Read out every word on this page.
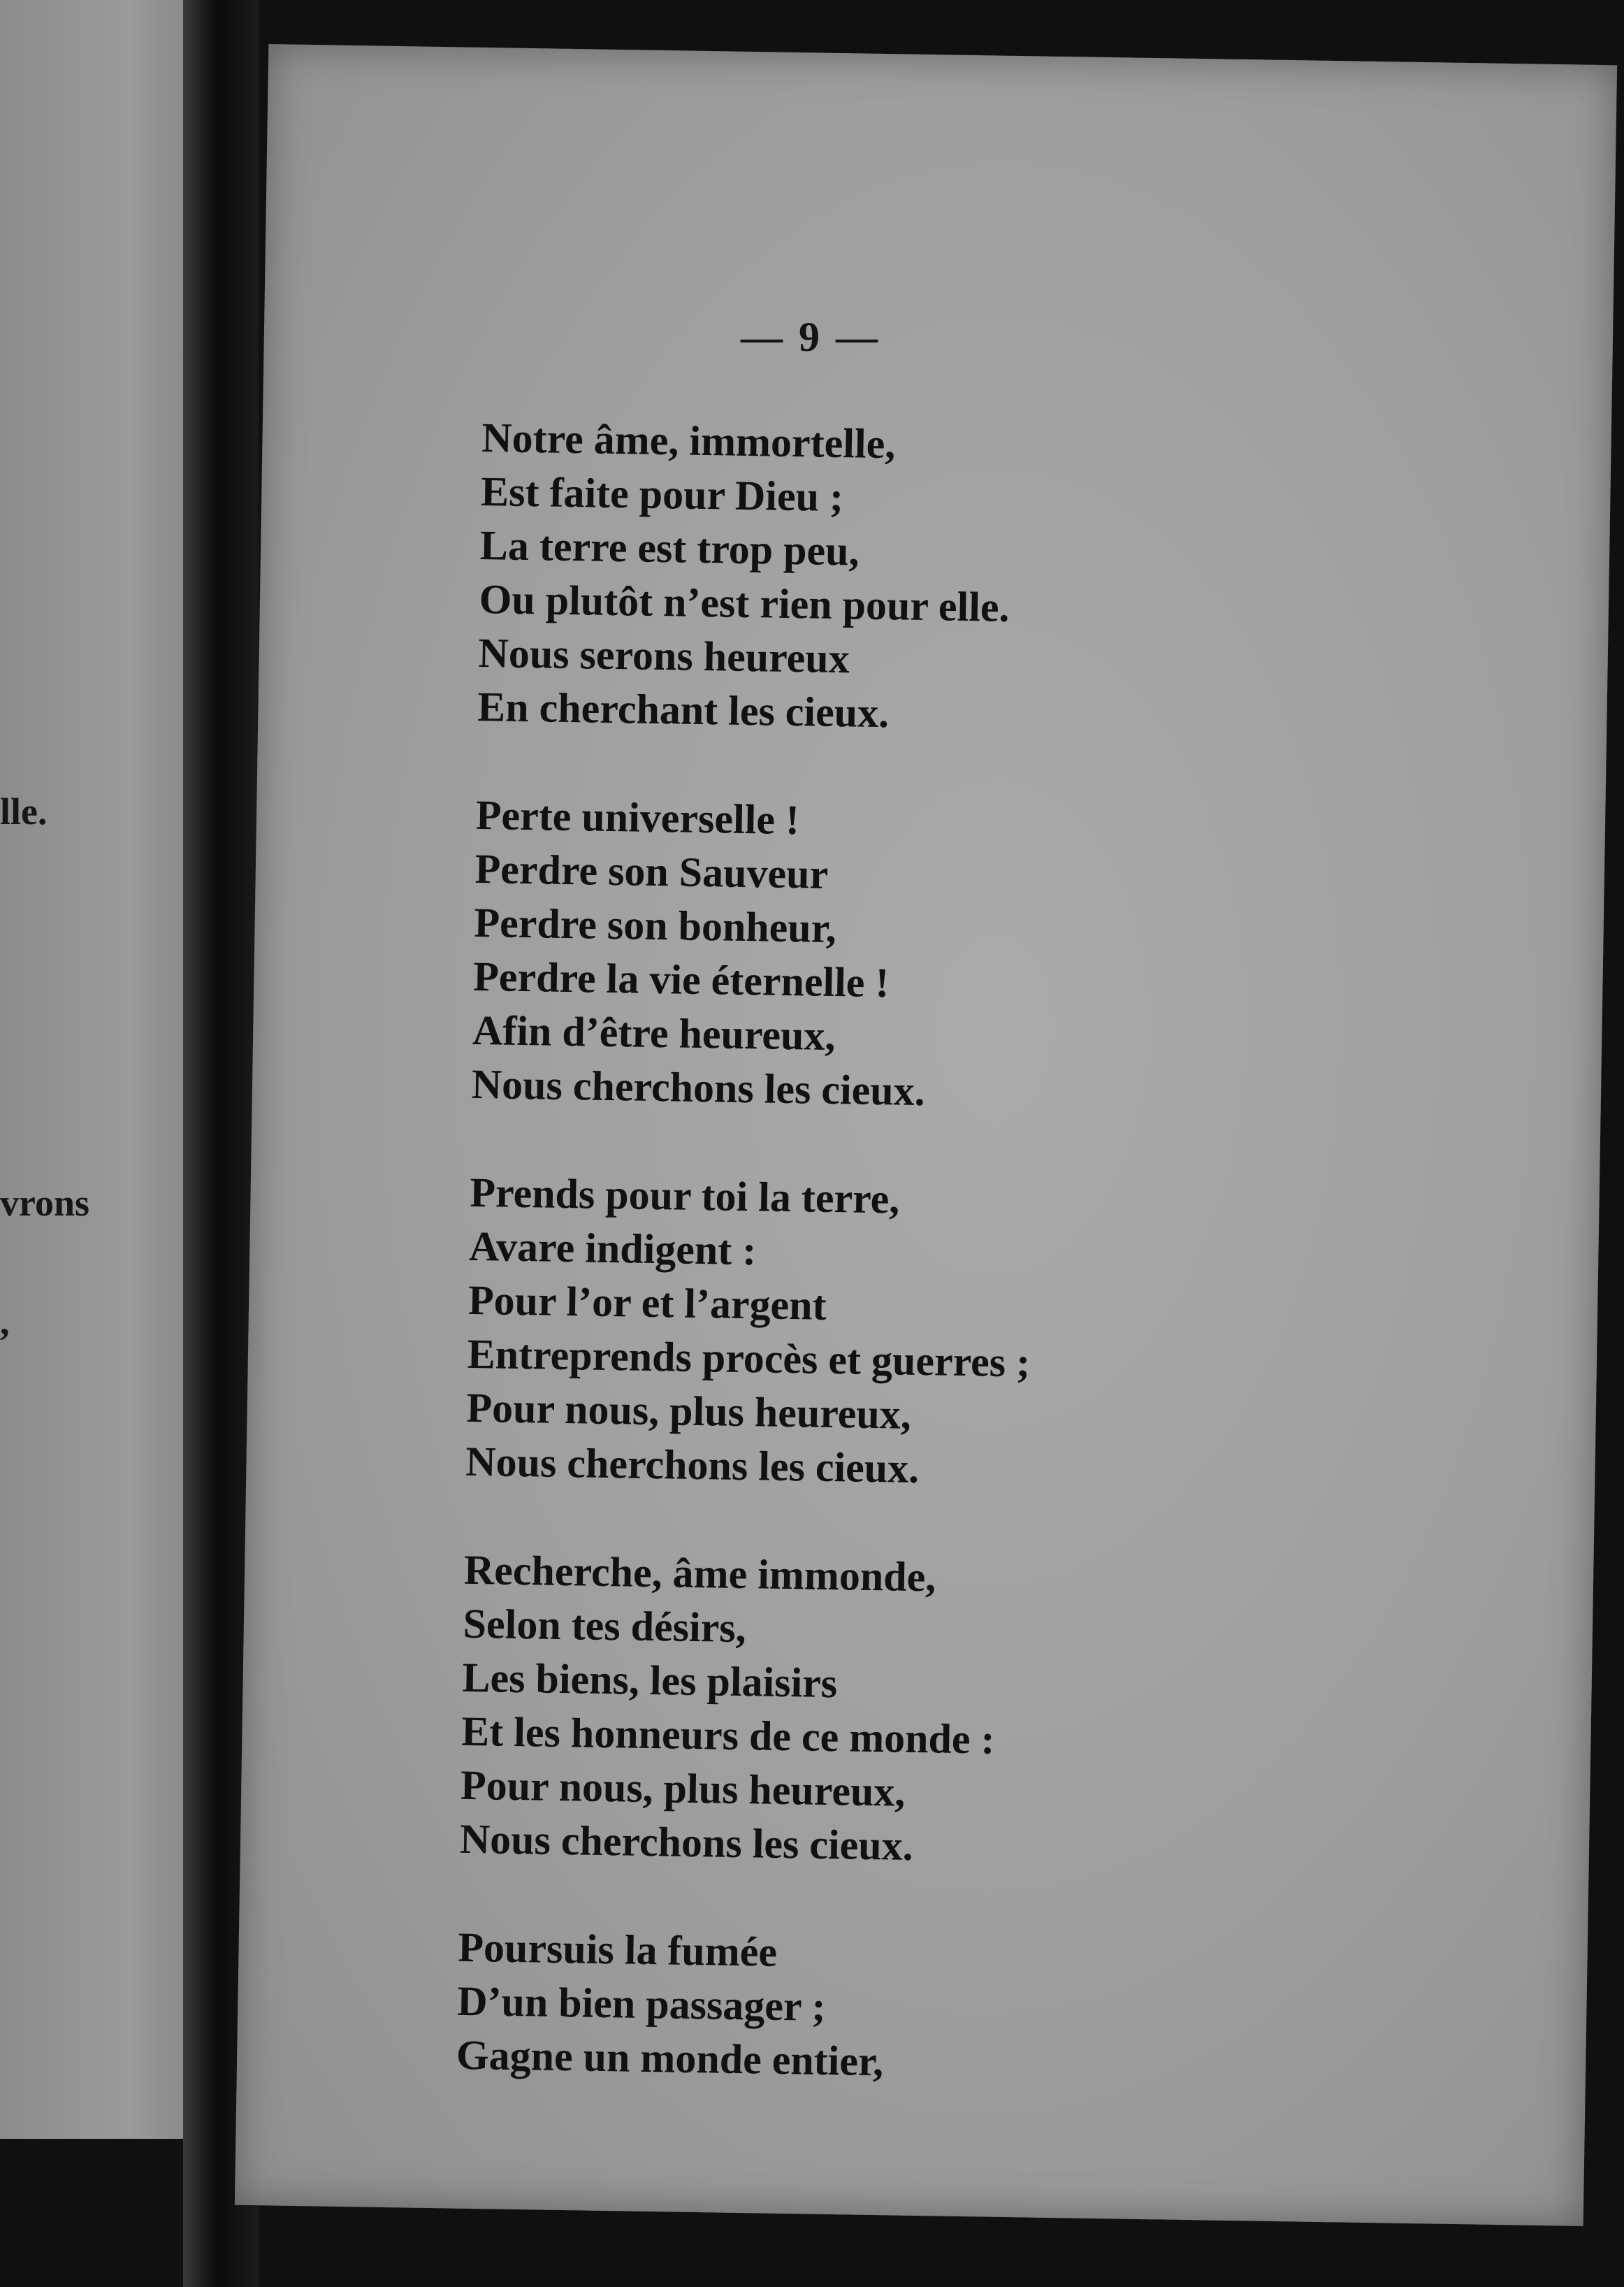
lle.
vrons
,
— 9 —
Notre âme, immortelle,
Est faite pour Dieu ;
La terre est trop peu,
Ou plutôt n’est rien pour elle.
Nous serons heureux
En cherchant les cieux.
Perte universelle !
Perdre son Sauveur
Perdre son bonheur,
Perdre la vie éternelle !
Afin d’être heureux,
Nous cherchons les cieux.
Prends pour toi la terre,
Avare indigent :
Pour l’or et l’argent
Entreprends procès et guerres ;
Pour nous, plus heureux,
Nous cherchons les cieux.
Recherche, âme immonde,
Selon tes désirs,
Les biens, les plaisirs
Et les honneurs de ce monde :
Pour nous, plus heureux,
Nous cherchons les cieux.
Poursuis la fumée
D’un bien passager ;
Gagne un monde entier,
